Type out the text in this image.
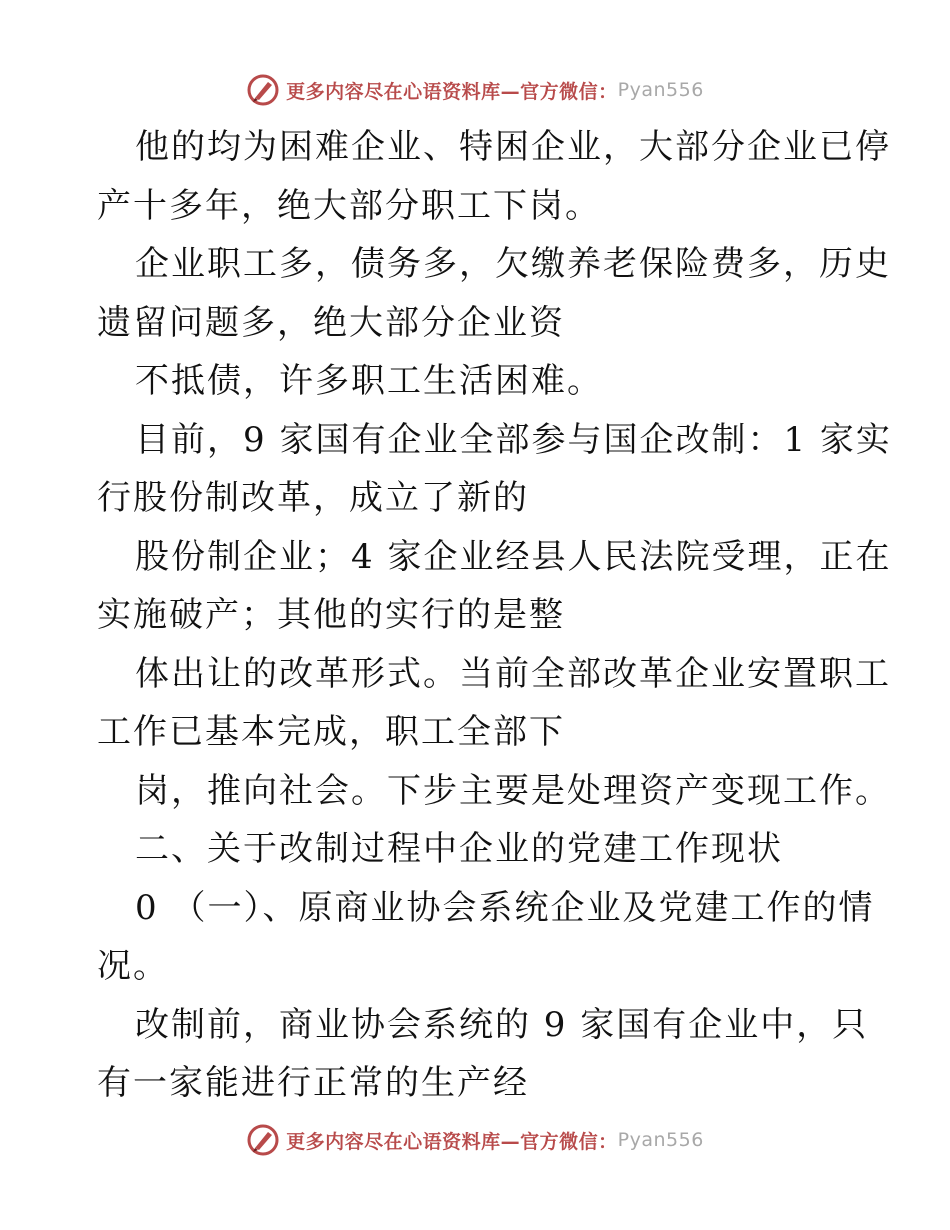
更多内容尽在心语资料库—官方微信： Pyan556
他的均为困难企业、特困企业，大部分企业已停
产十多年，绝大部分职工下岗。
企业职工多，债务多，欠缴养老保险费多，历史
遗留问题多，绝大部分企业资
不抵债，许多职工生活困难。
目前，9 家国有企业全部参与国企改制：1 家实
行股份制改革，成立了新的
股份制企业；4 家企业经县人民法院受理，正在
实施破产；其他的实行的是整
体出让的改革形式。当前全部改革企业安置职工
工作已基本完成，职工全部下
岗，推向社会。下步主要是处理资产变现工作。
二、关于改制过程中企业的党建工作现状
0 （一）、原商业协会系统企业及党建工作的情
况。
改制前，商业协会系统的 9 家国有企业中，只
有一家能进行正常的生产经
更多内容尽在心语资料库—官方微信： Pyan556
